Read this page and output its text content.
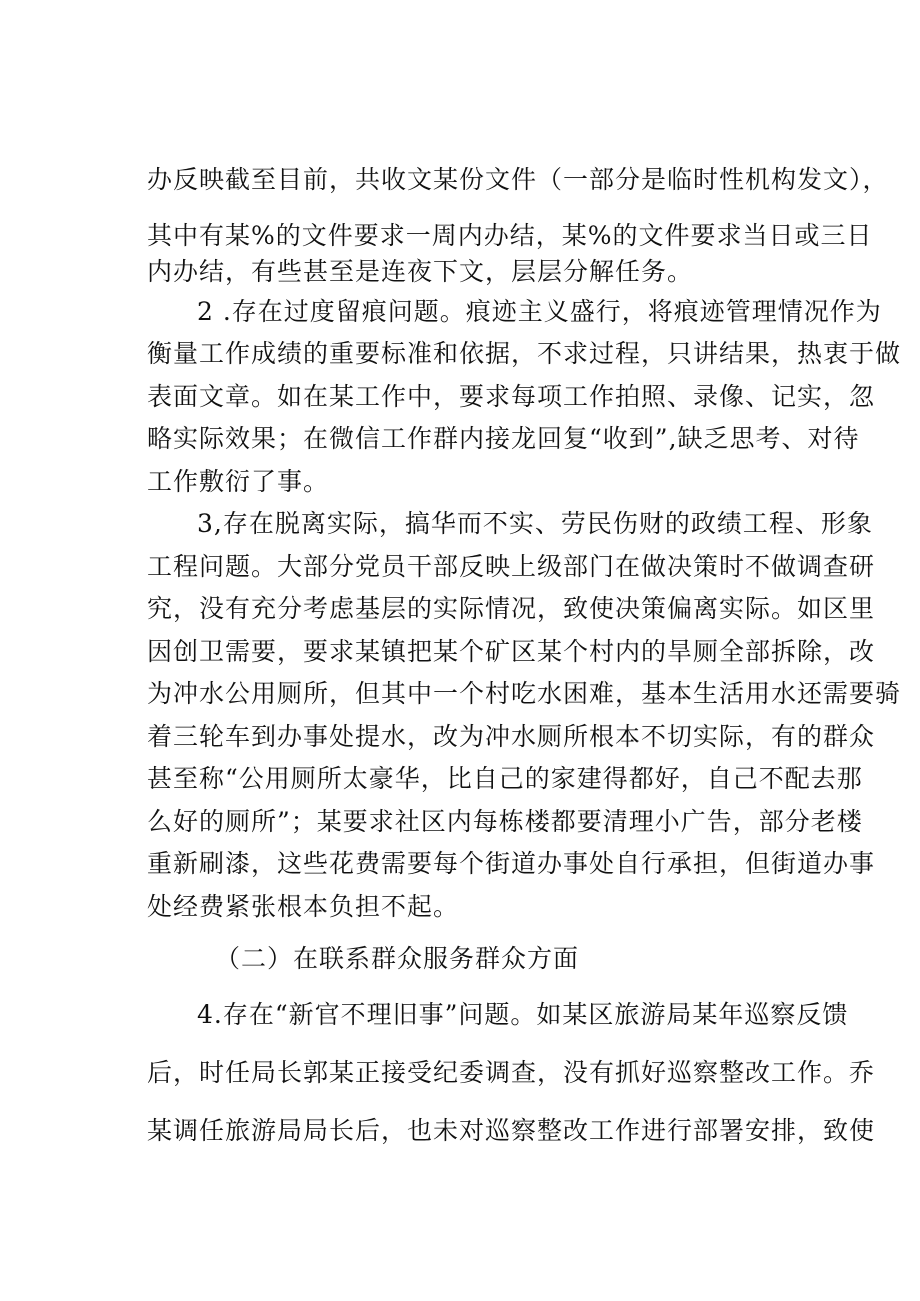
办反映截至目前，共收文某份文件（一部分是临时性机构发文），
其中有某%的文件要求一周内办结，某%的文件要求当日或三日
内办结，有些甚至是连夜下文，层层分解任务。
2 .存在过度留痕问题。痕迹主义盛行，将痕迹管理情况作为
衡量工作成绩的重要标准和依据，不求过程，只讲结果，热衷于做
表面文章。如在某工作中，要求每项工作拍照、录像、记实，忽
略实际效果；在微信工作群内接龙回复“收到”,缺乏思考、对待
工作敷衍了事。
3,存在脱离实际，搞华而不实、劳民伤财的政绩工程、形象
工程问题。大部分党员干部反映上级部门在做决策时不做调查研
究，没有充分考虑基层的实际情况，致使决策偏离实际。如区里
因创卫需要，要求某镇把某个矿区某个村内的旱厕全部拆除，改
为冲水公用厕所，但其中一个村吃水困难，基本生活用水还需要骑
着三轮车到办事处提水，改为冲水厕所根本不切实际，有的群众
甚至称“公用厕所太豪华，比自己的家建得都好，自己不配去那
么好的厕所”；某要求社区内每栋楼都要清理小广告，部分老楼
重新刷漆，这些花费需要每个街道办事处自行承担，但街道办事
处经费紧张根本负担不起。
（二）在联系群众服务群众方面
4.存在“新官不理旧事”问题。如某区旅游局某年巡察反馈
后，时任局长郭某正接受纪委调查，没有抓好巡察整改工作。乔
某调任旅游局局长后，也未对巡察整改工作进行部署安排，致使
